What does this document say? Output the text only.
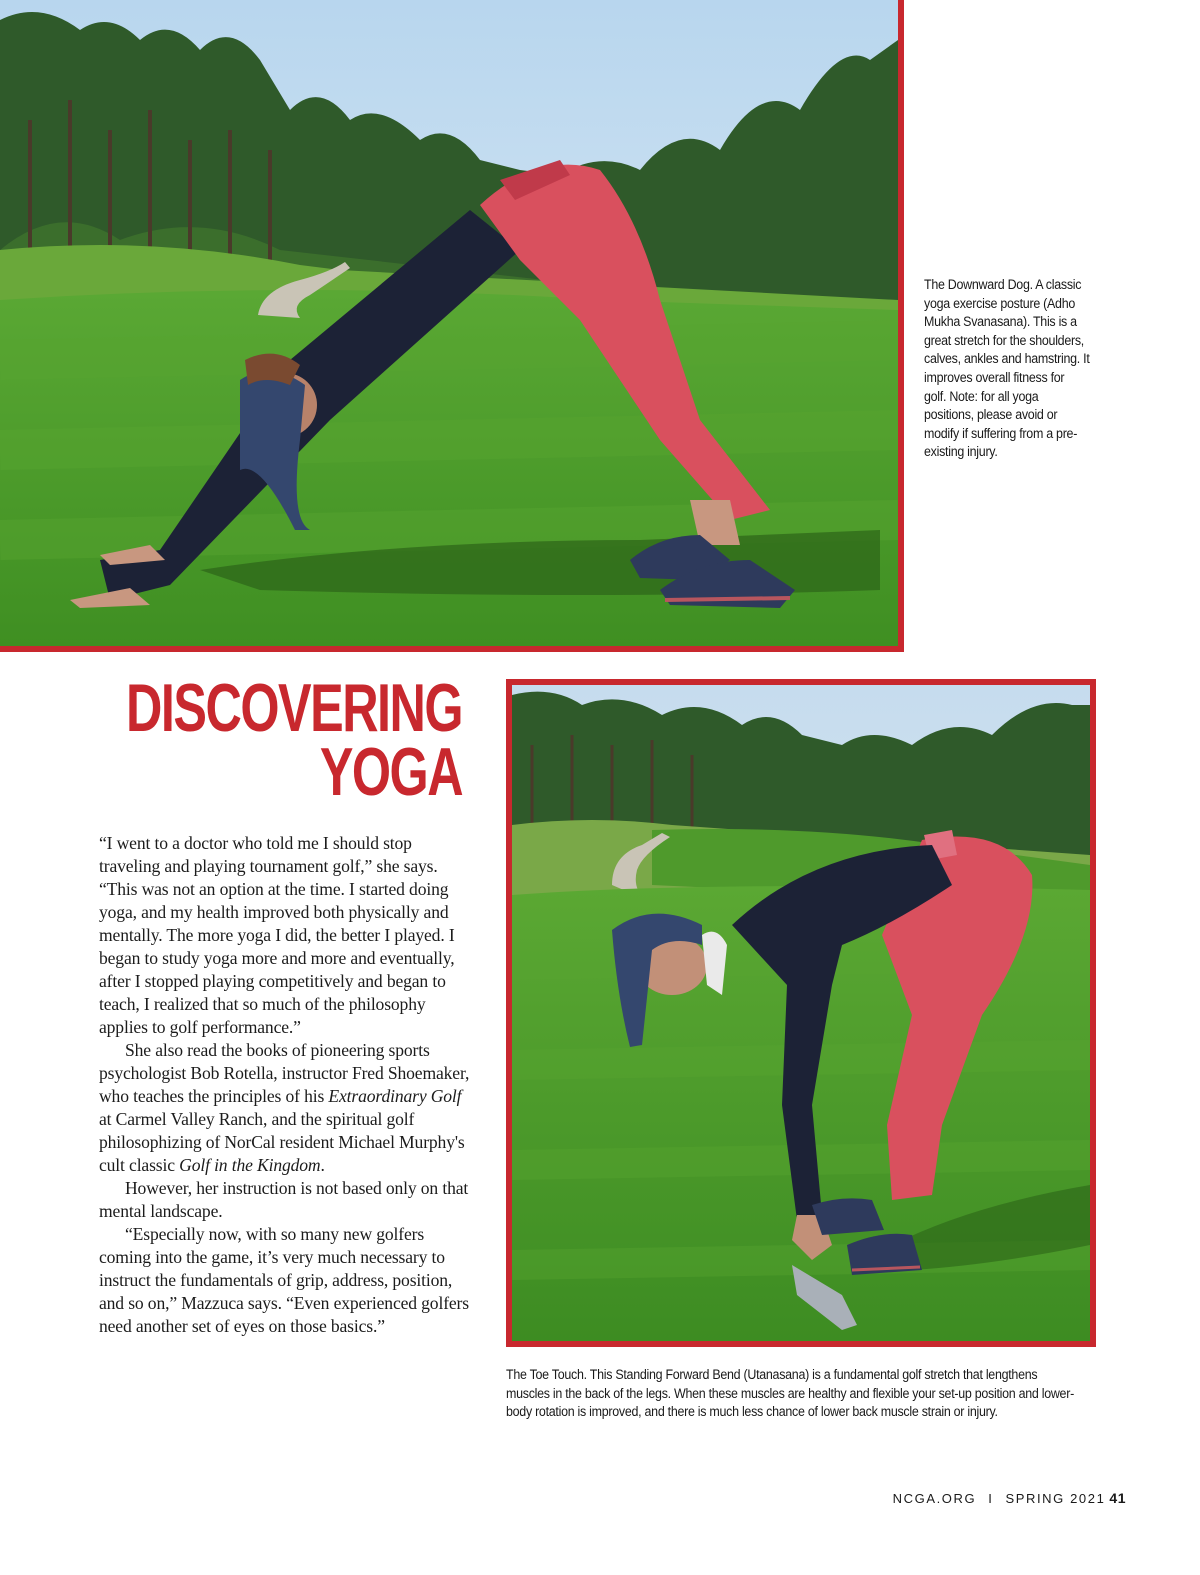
The Downward Dog. A classic yoga exercise posture (Adho Mukha Svanasana). This is a great stretch for the shoulders, calves, ankles and hamstring. It improves overall fitness for golf. Note: for all yoga positions, please avoid or modify if suffering from a pre-existing injury.
DISCOVERING
YOGA

“I went to a doctor who told me I should stop traveling and playing tournament golf,” she says. “This was not an option at the time. I started doing yoga, and my health improved both physically and mentally. The more yoga I did, the better I played. I began to study yoga more and more and eventually, after I stopped playing competitively and began to teach, I realized that so much of the philosophy applies to golf performance.”

She also read the books of pioneering sports psychologist Bob Rotella, instructor Fred Shoemaker, who teaches the principles of his Extraordinary Golf at Carmel Valley Ranch, and the spiritual golf philosophizing of NorCal resident Michael Murphy's cult classic Golf in the Kingdom.

However, her instruction is not based only on that mental landscape.

“Especially now, with so many new golfers coming into the game, it’s very much necessary to instruct the fundamentals of grip, address, position, and so on,” Mazzuca says. “Even experienced golfers need another set of eyes on those basics.”

The Toe Touch. This Standing Forward Bend (Utanasana) is a fundamental golf stretch that lengthens muscles in the back of the legs. When these muscles are healthy and flexible your set-up position and lower-body rotation is improved, and there is much less chance of lower back muscle strain or injury.
NCGA.ORG I SPRING 2021 41
